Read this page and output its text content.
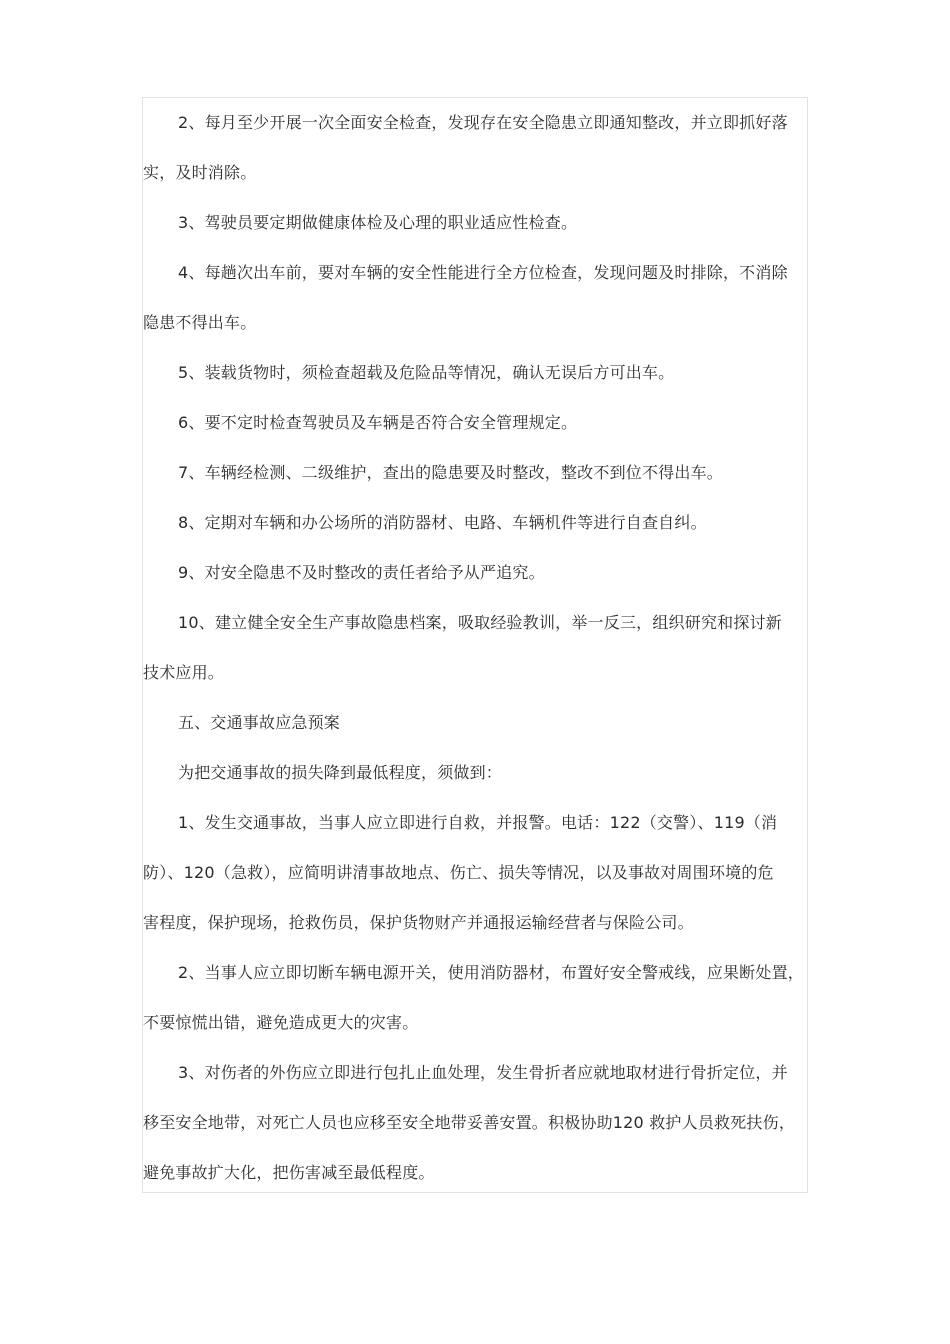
2、每月至少开展一次全面安全检查，发现存在安全隐患立即通知整改，并立即抓好落
实，及时消除。

3、驾驶员要定期做健康体检及心理的职业适应性检查。

4、每趟次出车前，要对车辆的安全性能进行全方位检查，发现问题及时排除，不消除
隐患不得出车。

5、装载货物时，须检查超载及危险品等情况，确认无误后方可出车。

6、要不定时检查驾驶员及车辆是否符合安全管理规定。

7、车辆经检测、二级维护，查出的隐患要及时整改，整改不到位不得出车。

8、定期对车辆和办公场所的消防器材、电路、车辆机件等进行自查自纠。

9、对安全隐患不及时整改的责任者给予从严追究。

10、建立健全安全生产事故隐患档案，吸取经验教训，举一反三，组织研究和探讨新
技术应用。

五、交通事故应急预案

为把交通事故的损失降到最低程度，须做到：

1、发生交通事故，当事人应立即进行自救，并报警。电话：122（交警）、119（消
防）、120（急救），应简明讲清事故地点、伤亡、损失等情况，以及事故对周围环境的危
害程度，保护现场，抢救伤员，保护货物财产并通报运输经营者与保险公司。

2、当事人应立即切断车辆电源开关，使用消防器材，布置好安全警戒线，应果断处置，
不要惊慌出错，避免造成更大的灾害。

3、对伤者的外伤应立即进行包扎止血处理，发生骨折者应就地取材进行骨折定位，并
移至安全地带，对死亡人员也应移至安全地带妥善安置。积极协助120 救护人员救死扶伤，
避免事故扩大化，把伤害减至最低程度。
